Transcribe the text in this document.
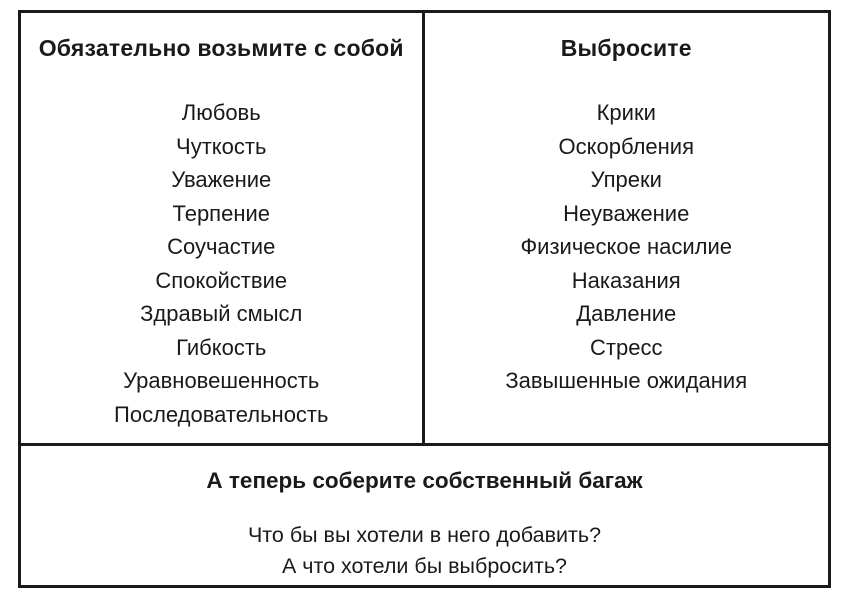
Обязательно возьмите с собой
Любовь
Чуткость
Уважение
Терпение
Соучастие
Спокойствие
Здравый смысл
Гибкость
Уравновешенность
Последовательность
Выбросите
Крики
Оскорбления
Упреки
Неуважение
Физическое насилие
Наказания
Давление
Стресс
Завышенные ожидания
А теперь соберите собственный багаж
Что бы вы хотели в него добавить?
А что хотели бы выбросить?
